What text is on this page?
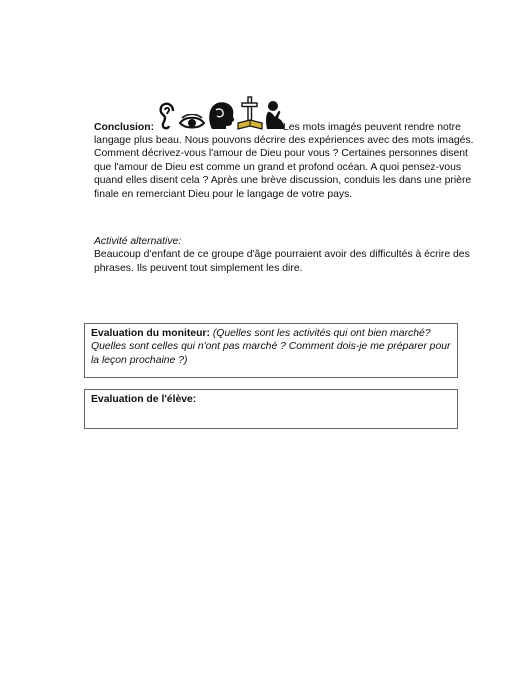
Conclusion:	Les mots imagés peuvent rendre notre
langage plus beau. Nous pouvons décrire des expériences avec des mots imagés. Comment décrivez-vous l'amour de Dieu pour vous ? Certaines personnes disent que l'amour de Dieu est comme un grand et profond océan. A quoi pensez-vous quand elles disent cela ? Après une brève discussion, conduis les dans une prière finale en remerciant Dieu pour le langage de votre pays.
Activité alternative:
Beaucoup d'enfant de ce groupe d'âge pourraient avoir des difficultés à écrire des phrases. Ils peuvent tout simplement les dire.
Evaluation du moniteur: (Quelles sont les activités qui ont bien marché? Quelles sont celles qui n'ont pas marché ? Comment dois-je me préparer pour la leçon prochaine ?)
Evaluation de l'élève:
